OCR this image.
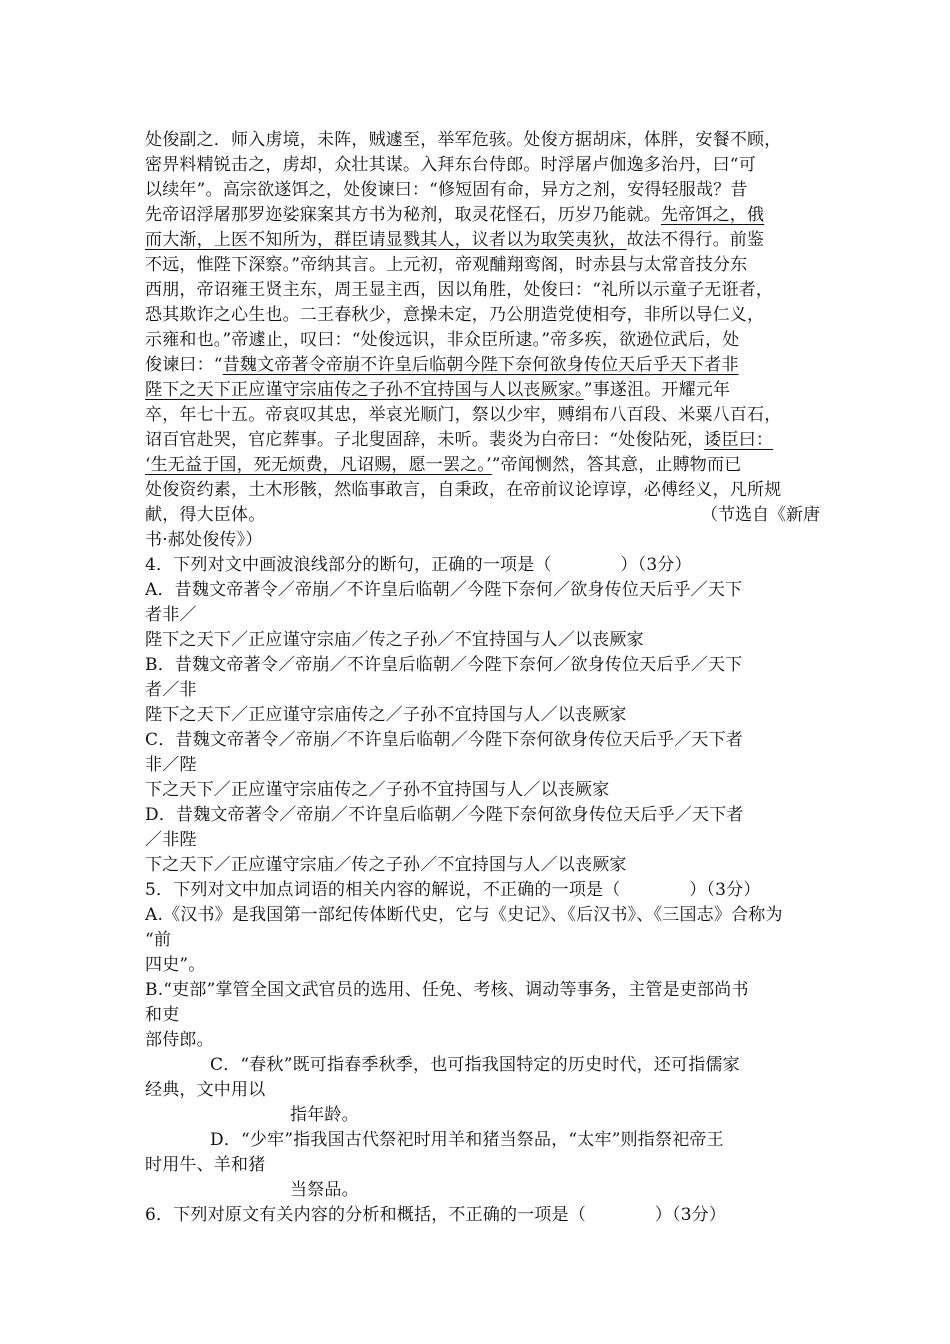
处俊副之．师入虏境，未阵，贼遽至，举军危骇。处俊方据胡床，体胖，安餐不顾，
密畀料精锐击之，虏却，众壮其谋。入拜东台侍郎。时浮屠卢伽逸多治丹，曰“可
以续年”。高宗欲遂饵之，处俊谏曰：“修短固有命，异方之剂，安得轻服哉？昔
先帝诏浮屠那罗迩娑寐案其方书为秘剂，取灵花怪石，历岁乃能就。先帝饵之，俄
而大渐，上医不知所为，群臣请显戮其人，议者以为取笑夷狄，故法不得行。前鉴
不远，惟陛下深察。”帝纳其言。上元初，帝观酺翔鸾阁，时赤县与太常音技分东
西朋，帝诏雍王贤主东，周王显主西，因以角胜，处俊曰：“礼所以示童子无诳者，
恐其欺诈之心生也。二王春秋少，意操未定，乃公朋造党使相夸，非所以导仁义，
示雍和也。”帝遽止，叹曰：“处俊远识，非众臣所逮。”帝多疾，欲逊位武后，处
俊谏曰：“昔魏文帝著令帝崩不许皇后临朝今陛下奈何欲身传位天后乎天下者非
陛下之天下正应谨守宗庙传之子孙不宜持国与人以丧厥家。”事遂沮。开耀元年
卒，年七十五。帝哀叹其忠，举哀光顺门，祭以少牢，赙绢布八百段、米粟八百石，
诏百官赴哭，官庀葬事。子北叟固辞，未听。裴炎为白帝曰：“处俊阽死，诿臣曰：
‘生无益于国，死无烦费，凡诏赐，愿一罢之。’”帝闻恻然，答其意，止賻物而已
处俊资约素，土木形骸，然临事敢言，自秉政，在帝前议论谆谆，必傅经义，凡所规
献，得大臣体。	（节选自《新唐
书·郝处俊传》）
4．下列对文中画波浪线部分的断句，正确的一项是（　　　　）（3分）
A．昔魏文帝著令／帝崩／不许皇后临朝／今陛下奈何／欲身传位天后乎／天下
者非／
陛下之天下／正应谨守宗庙／传之子孙／不宜持国与人／以丧厥家
B．昔魏文帝著令／帝崩／不许皇后临朝／今陛下奈何／欲身传位天后乎／天下
者／非
陛下之天下／正应谨守宗庙传之／子孙不宜持国与人／以丧厥家
C．昔魏文帝著令／帝崩／不许皇后临朝／今陛下奈何欲身传位天后乎／天下者
非／陛
下之天下／正应谨守宗庙传之／子孙不宜持国与人／以丧厥家
D．昔魏文帝著令／帝崩／不许皇后临朝／今陛下奈何欲身传位天后乎／天下者
／非陛
下之天下／正应谨守宗庙／传之子孙／不宜持国与人／以丧厥家
5．下列对文中加点词语的相关内容的解说，不正确的一项是（　　　　）（3分）
A.《汉书》是我国第一部纪传体断代史，它与《史记》、《后汉书》、《三国志》合称为
“前
四史”。
B.“吏部”掌管全国文武官员的选用、任免、考核、调动等事务，主管是吏部尚书
和吏
部侍郎。
C．“春秋”既可指春季秋季，也可指我国特定的历史时代，还可指儒家
经典，文中用以
指年龄。
D．“少牢”指我国古代祭祀时用羊和猪当祭品，“太牢”则指祭祀帝王
时用牛、羊和猪
当祭品。
6．下列对原文有关内容的分析和概括，不正确的一项是（　　　　）（3分）
